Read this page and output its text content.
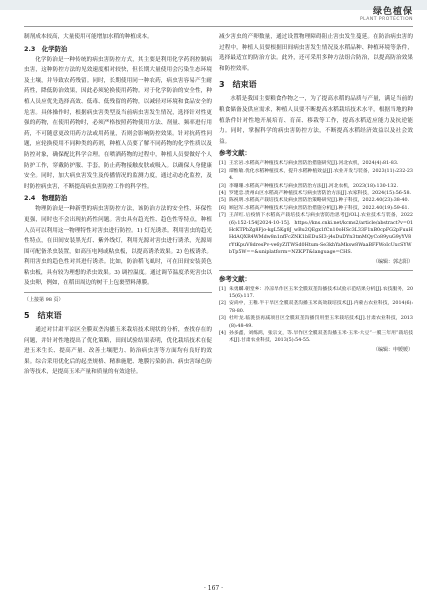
绿色植保
PLANT PROTECTION

制剂成本较高，大量使用可能增加水稻的种植成本。

2.3　化学防治

化学防治是一种传统的病虫害防控方式，其主要是利用化学药剂控制病虫害，这种防控方法的见效速度相对较快，但长期大量使用会污染生态环境及土壤，并导致农药残留。同时，长期使用同一种农药，病虫害容易产生耐药性，降低防治效果，因此必须轮换使用药物。对于化学防治的安全性，种植人员应优先选择高效、低毒、低残留的药物，以减轻对环境和食品安全的危害。具体操作时，根据病虫害类型及当前病虫害发生情况，选择针对性更强的药物，在使用药物时，必须严格按照药物使用方法、剂量、频率进行用药，不可随意更改用药方法或用药量，否则会影响防控效果。针对抗药性问题，应轮换使用不同种类的药剂，种植人员要了解不同药物的化学性质以及防控对象，确保配比科学合理。在喷洒药物的过程中，种植人员要做好个人防护工作，穿戴防护服、手套，防止药物接触皮肤或吸入。以确保人身健康安全。同时，加大病虫害发生及传播情况的监测力度，通过动态化监控，及时防控病虫害，不断提高病虫害防控工作的科学性。

2.4　物理防治

物理防治是一种新型的病虫害防控方法，该防治方法的安全性、环保性更强，同时也不会出现抗药性问题。害虫具有趋光性、趋色性等特点，种植人员可以利用这一物理特性对害虫进行防控。1) 灯光诱杀。利用害虫的趋光性特点，在田间安装黑光灯、紫外线灯，利用光源对害虫进行诱杀，光源周围可配备杀虫装置，如高压电网或粘虫板，以提高诱杀效果。2) 色板诱杀。利用害虫的趋色性对其进行诱杀。比如，防治稻飞虱时，可在田间安装黄色粘虫板，具有较为理想的杀虫效果。3) 调控温度。通过调节温度杀死害虫以及虫卵，例如，在稻田周边的树干上包裹塑料薄膜。

（上接第 98 页）
5　结束语

通过对甘肃平凉区全膜双垄沟播玉米栽培技术现状的分析，查找存在的问题，并针对性地提出了优化策略，田间试验结果表明，优化栽培技术在促进玉米生长、提高产量、改善土壤肥力、防治病虫害等方面均有良好的效果。综合采用优化后的起垄规格、精准施肥、地膜污染防治、病虫害绿色防治等技术，是提高玉米产量和质量的有效途径。

减少害虫的产卵数量，通过设置物理障碍阻止害虫发生蔓延。在防治病虫害的过程中，种植人员要根据田间病虫害发生情况及水稻品种、种植环境等条件，选择最适宜的防治方法。此外，还可采用多种方法组合防治，以提高防治效果和防控效率。

3　结束语

水稻是我国主要粮食作物之一，为了提高水稻的品质与产量，满足当前的粮食储备及供应需求，种植人员要不断提高水稻栽培技术水平，根据当地的种植条件针对性地开展培育、育苗、移栽等工作，提高水稻适应能力及抗逆能力。同时，掌握科学的病虫害防控方法，不断提高水稻经济效益以及社会效益。

参考文献：
[1] 王宏岩.水稻高产种植技术与病虫害防治措施研究[J].河北农机，2024(4):81-83.
[2] 谭惟敏.优化水稻种植技术，提升水稻种植效益[J].农业开发与装备，2023(11):232-234.
[3] 李珊珊.水稻高产种植技术与病虫害防治方法[J].河北农机，2023(18):130-132.
[4] 罗建忠.贵州山区水稻高产种植技术与病虫害防治方法[J].农家科技，2024(15):56-58.
[5] 陈祝明.水稻高产栽培技术及病虫害防治策略研究[J].种子科技，2022.40(23):38-40.
[6] 顾冠军.水稻高产种植技术与病虫害防治措施分析[J].种子科技，2022.40(19):59-61.
[7] 王萍红.后疫情下水稻高产栽培技术与病虫害防治思考[J/OL].农业技术与装备，2022(6):152-154[2024-10-15]. https://kns.cnki.net/kcms2/article/abstract?v=01HcKTPbZg8Fjo-kgL5Kg8J_wBu2QEgx1fCn10oHSc3L33F1nB0cpFG2pFuuHHdAQXR4WMdw8n1nfFcZNK1bEDuSI3-j4sDuDYn3tmMQyCo89yuG9yYV8rYtKpuV8dresPv-ve6yZlTWSd0Htum-Se3khYaMksw8WaaBFFWoIcUxcSYWbTp5W==&uniplatform=NZKPT&language=CHS.
（编辑：郭志阳）
参考文献：
[1] 朱勇麟.朝堂乡：冷凉旱作区玉米全膜双垄沟播技术试验示范结果分析[J].农技服务，2015(6):117.
[2] 安尚中，王稚.半干旱区全膜双垄沟播玉米高效栽培技术[J].内蒙古农业科技，2014(6):78-80.
[3] 杜叶龙.临洮县再减项目区全膜双垄沟播罚用型玉米栽培技术[J].甘肃农业科技，2013(8):48-49.
[4] 孙多鑫，刘练鸿，张宗文，等.旱作区全膜双垄沟播玉米-玉米-大豆“一膜三年用”栽培技术[J].甘肃农业科技，2013(5):54-55.
（编辑：申媛媛）
· 167 ·
